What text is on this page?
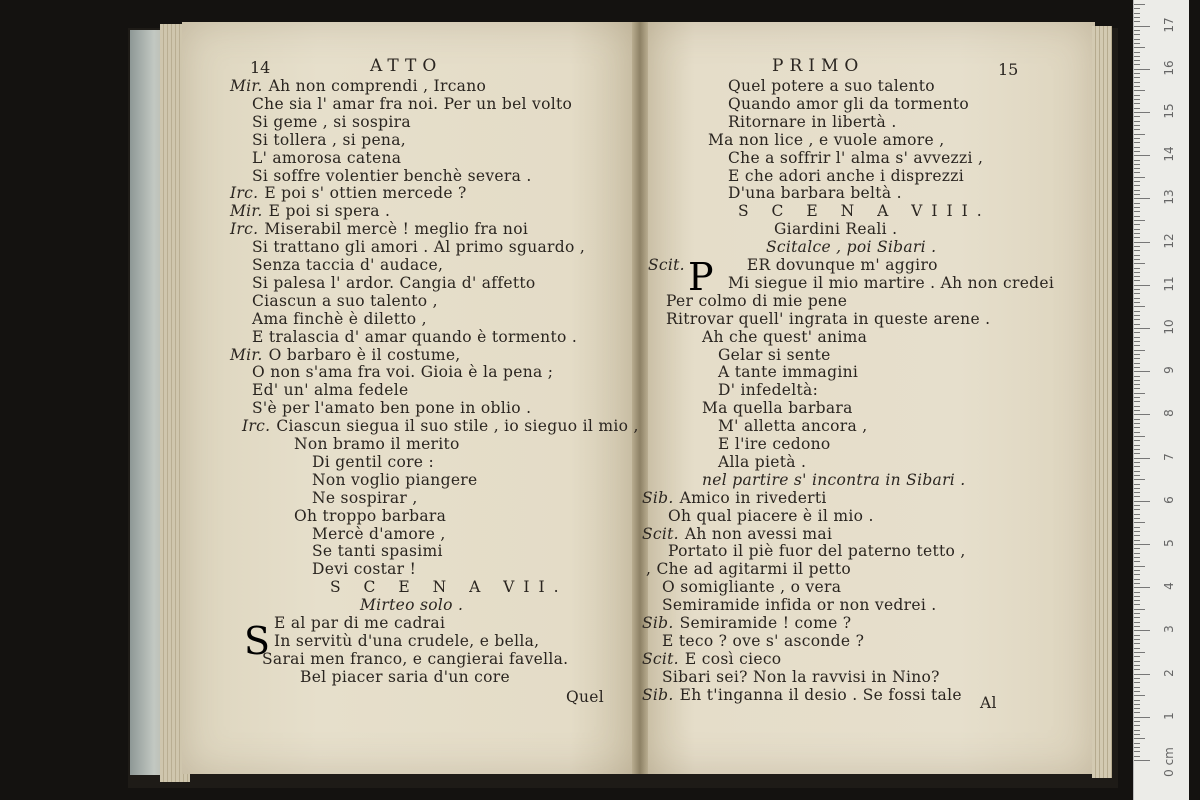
14	ATTO	PRIMO	15
Mir. Ah non comprendi , Ircano
Che sia l' amar fra noi. Per un bel volto
Si geme , si sospira
Si tollera , si pena,
L' amorosa catena
Si soffre volentier benchè severa .
Irc. E poi s' ottien mercede ?
Mir. E poi si spera .
Irc. Miserabil mercè ! meglio fra noi
Si trattano gli amori . Al primo sguardo ,
Senza taccia d' audace,
Si palesa l' ardor. Cangia d' affetto
Ciascun a suo talento ,
Ama finchè è diletto ,
E tralascia d' amar quando è tormento .
Mir. O barbaro è il costume,
O non s'ama fra voi. Gioia è la pena ;
Ed' un' alma fedele
S'è per l'amato ben pone in oblio .
Irc. Ciascun siegua il suo stile , io sieguo il mio ,
Non bramo il merito
Di gentil core :
Non voglio piangere
Ne sospirar ,
Oh troppo barbara
Mercè d'amore ,
Se tanti spasimi
Devi costar !
S C E N A VII.
Mirteo solo .
E al par di me cadrai
In servitù d'una crudele, e bella,
Sarai men franco, e cangierai favella.
Bel piacer saria d'un core
S
Quel
Quel potere a suo talento
Quando amor gli da tormento
Ritornare in libertà .
Ma non lice , e vuole amore ,
Che a soffrir l' alma s' avvezzi ,
E che adori anche i disprezzi
D'una barbara beltà .
S C E N A VIII.
Giardini Reali .
Scitalce , poi Sibari .
Scit.	ER dovunque m' aggiro
Mi siegue il mio martire . Ah non credei
Per colmo di mie pene
Ritrovar quell' ingrata in queste arene .
Ah che quest' anima
Gelar si sente
A tante immagini
D' infedeltà:
Ma quella barbara
M' alletta ancora ,
E l'ire cedono
Alla pietà .
nel partire s' incontra in Sibari .
Sib. Amico in rivederti
Oh qual piacere è il mio .
Scit. Ah non avessi mai
Portato il piè fuor del paterno tetto ,
, Che ad agitarmi il petto
O somigliante , o vera
Semiramide infida or non vedrei .
Sib. Semiramide ! come ?
E teco ? ove s' asconde ?
Scit. E così cieco
Sibari sei? Non la ravvisi in Nino?
Sib. Eh t'inganna il desio . Se fossi tale
P
Al
0 cm
1
2
3
4
5
6
7
8
9
10
11
12
13
14
15
16
17
